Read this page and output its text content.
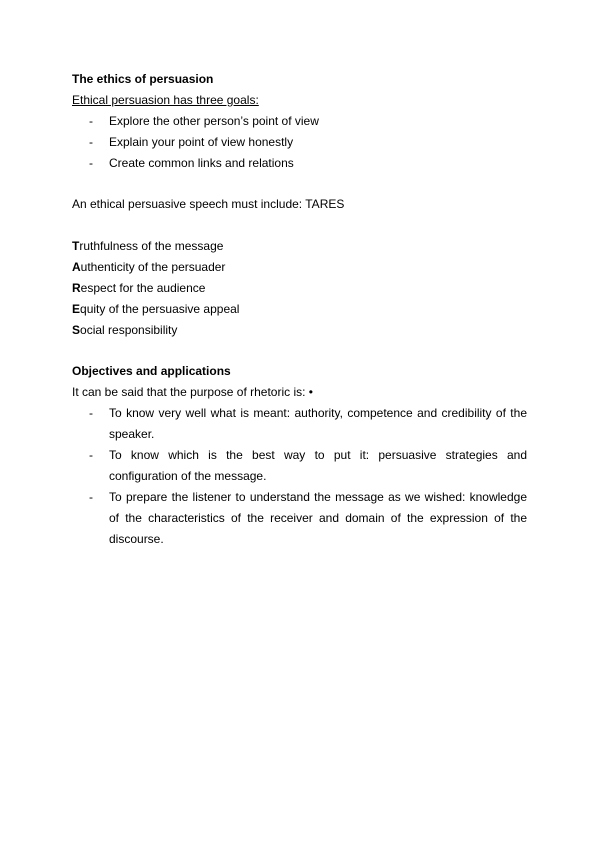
The ethics of persuasion
Ethical persuasion has three goals:
- Explore the other person’s point of view
- Explain your point of view honestly
- Create common links and relations
An ethical persuasive speech must include: TARES
Truthfulness of the message
Authenticity of the persuader
Respect for the audience
Equity of the persuasive appeal
Social responsibility
Objectives and applications
It can be said that the purpose of rhetoric is: •
- To know very well what is meant: authority, competence and credibility of the speaker.
- To know which is the best way to put it: persuasive strategies and configuration of the message.
- To prepare the listener to understand the message as we wished: knowledge of the characteristics of the receiver and domain of the expression of the discourse.
